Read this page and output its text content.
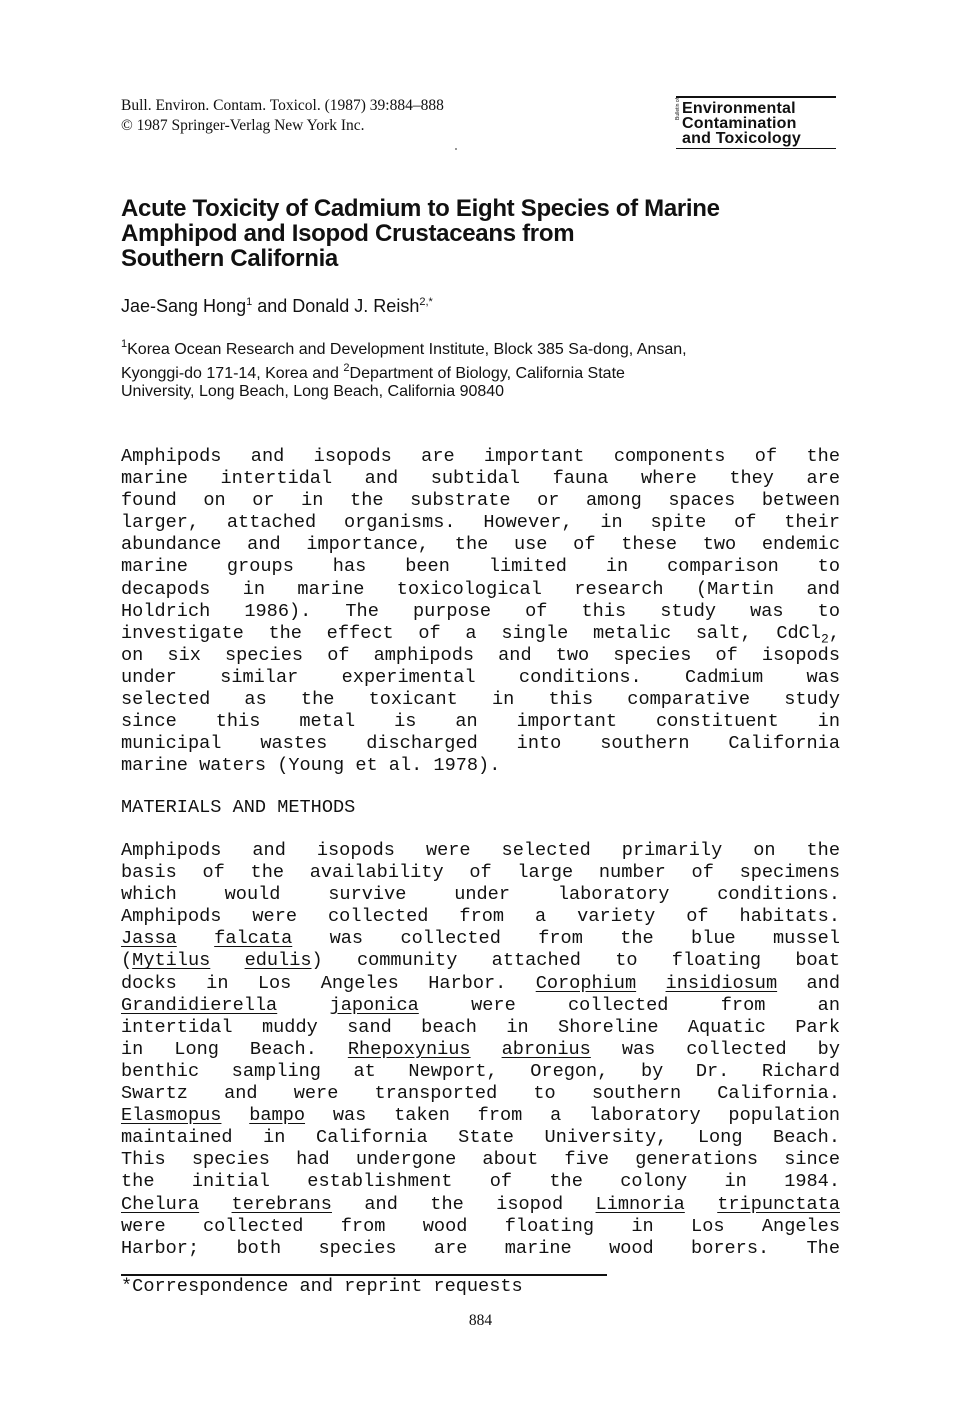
Bull. Environ. Contam. Toxicol. (1987) 39:884–888
© 1987 Springer-Verlag New York Inc.
Bulletin of Environmental
Contamination
and Toxicology
Acute Toxicity of Cadmium to Eight Species of Marine
Amphipod and Isopod Crustaceans from
Southern California
Jae-Sang Hong$^1$ and Donald J. Reish$^{2,*}$
$^1$Korea Ocean Research and Development Institute, Block 385 Sa-dong, Ansan,
Kyonggi-do 171-14, Korea and $^2$Department of Biology, California State
University, Long Beach, Long Beach, California 90840
Amphipods and isopods are important components of the
marine intertidal and subtidal fauna where they are
found on or in the substrate or among spaces between
larger, attached organisms. However, in spite of their
abundance and importance, the use of these two endemic
marine groups has been limited in comparison to
decapods in marine toxicological research (Martin and
Holdrich 1986). The purpose of this study was to
investigate the effect of a single metalic salt, CdCl$_2$,
on six species of amphipods and two species of isopods
under similar experimental conditions. Cadmium was
selected as the toxicant in this comparative study
since this metal is an important constituent in
municipal wastes discharged into southern California
marine waters (Young et al. 1978).
MATERIALS AND METHODS
Amphipods and isopods were selected primarily on the
basis of the availability of large number of specimens
which would survive under laboratory conditions.
Amphipods were collected from a variety of habitats.
Jassa falcata was collected from the blue mussel
(Mytilus edulis) community attached to floating boat
docks in Los Angeles Harbor. Corophium insidiosum and
Grandidierella	japonica were collected from an
intertidal muddy sand beach in Shoreline Aquatic Park
in Long Beach. Rhepoxynius abronius was collected by
benthic sampling at Newport, Oregon, by Dr. Richard
Swartz and were transported to southern California.
Elasmopus bampo was taken from a laboratory population
maintained in California State University, Long Beach.
This species had undergone about five generations since
the initial establishment of the colony in 1984.
Chelura terebrans and the isopod Limnoria tripunctata
were collected from wood floating in Los Angeles
Harbor; both species are marine wood borers. The
*Correspondence and reprint requests
884
